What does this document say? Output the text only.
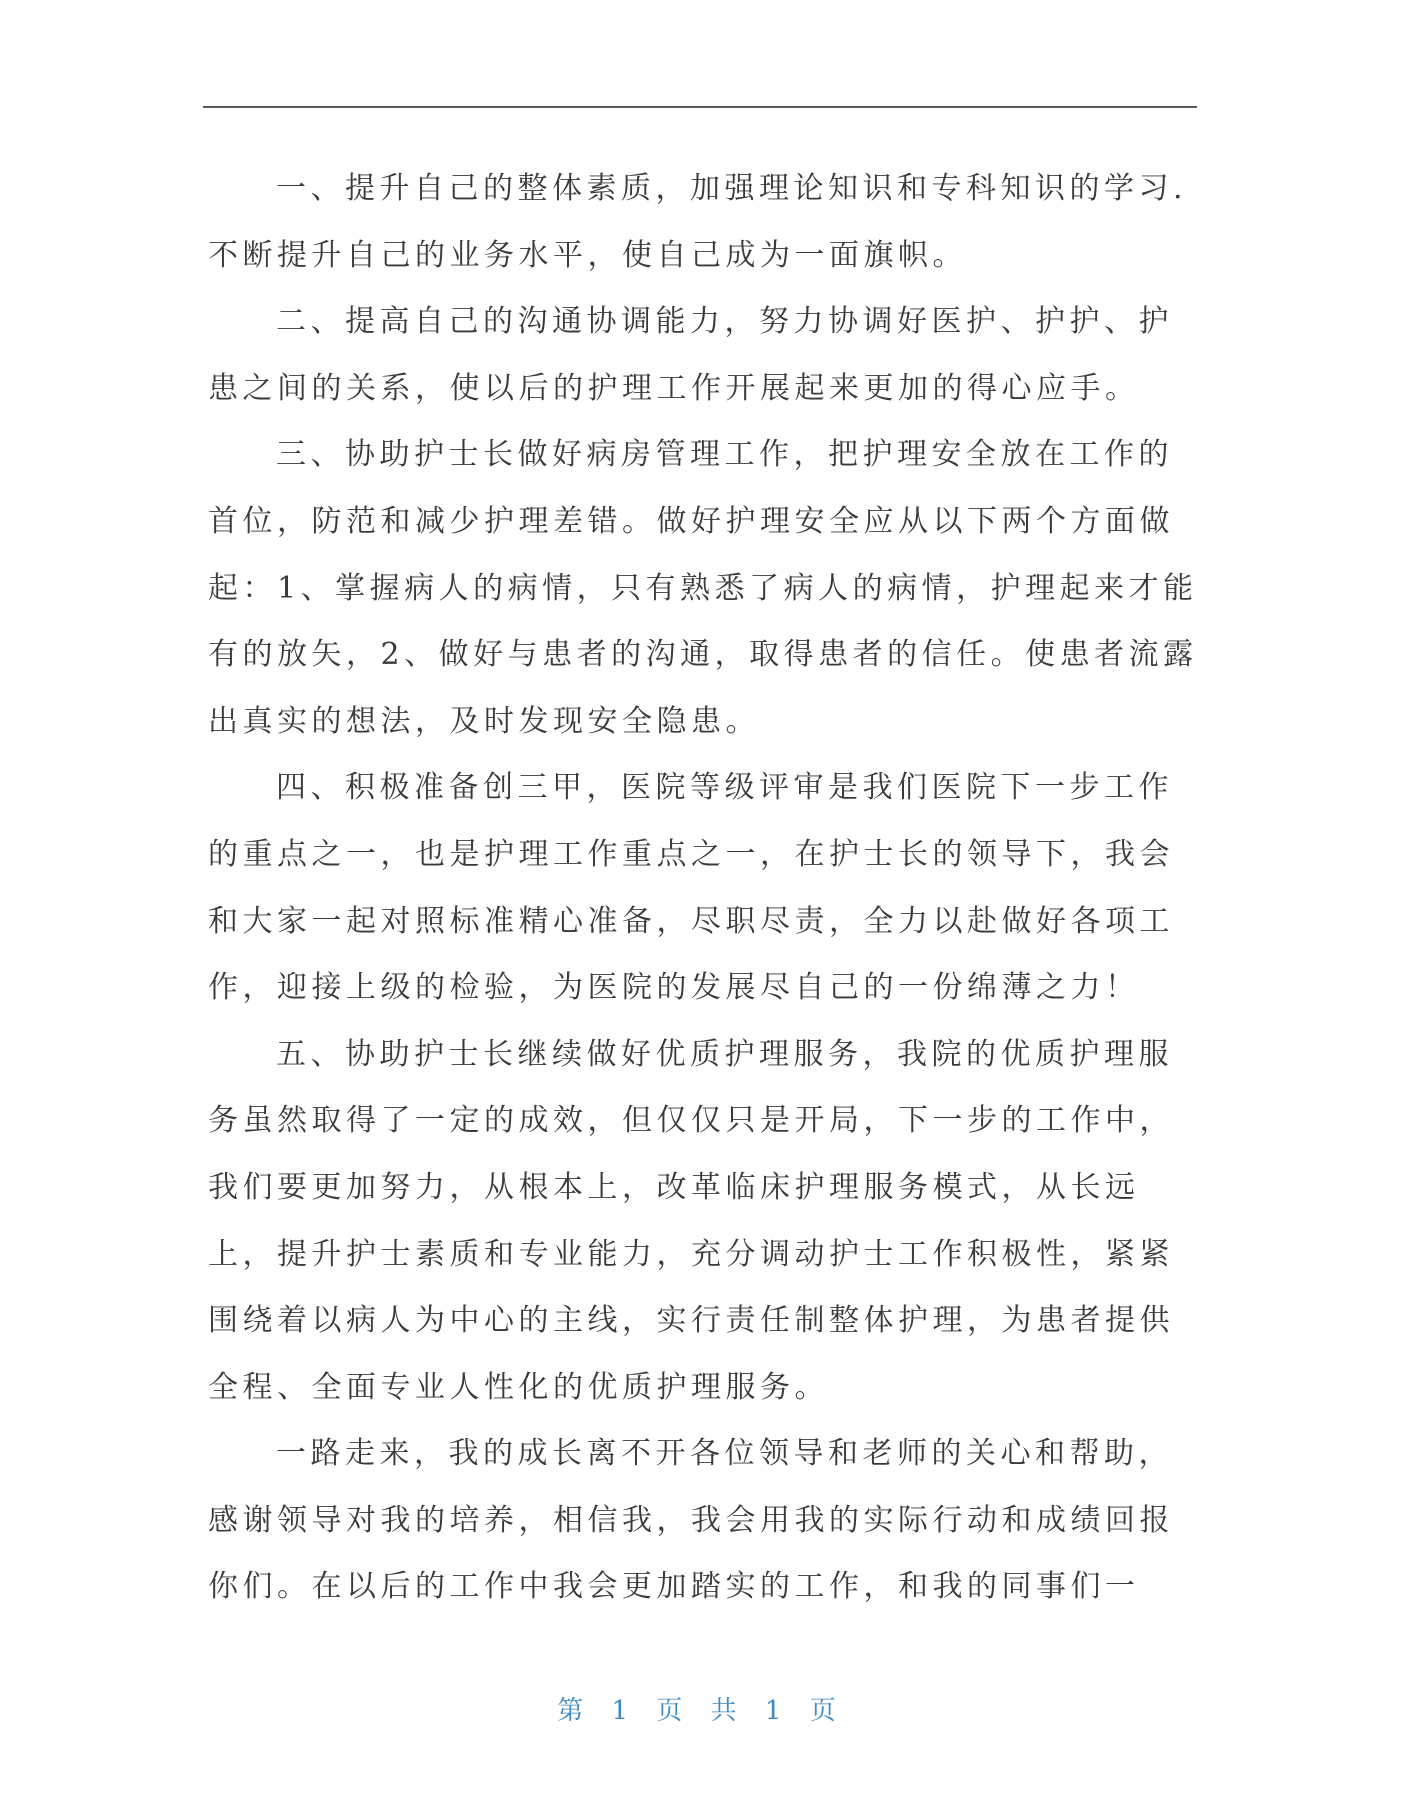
一、提升自己的整体素质，加强理论知识和专科知识的学习.

不断提升自己的业务水平，使自己成为一面旗帜。

二、提高自己的沟通协调能力，努力协调好医护、护护、护

患之间的关系，使以后的护理工作开展起来更加的得心应手。

三、协助护士长做好病房管理工作，把护理安全放在工作的

首位，防范和减少护理差错。做好护理安全应从以下两个方面做

起：1、掌握病人的病情，只有熟悉了病人的病情，护理起来才能

有的放矢，2、做好与患者的沟通，取得患者的信任。使患者流露

出真实的想法，及时发现安全隐患。

四、积极准备创三甲，医院等级评审是我们医院下一步工作

的重点之一，也是护理工作重点之一，在护士长的领导下，我会

和大家一起对照标准精心准备，尽职尽责，全力以赴做好各项工

作，迎接上级的检验，为医院的发展尽自己的一份绵薄之力！

五、协助护士长继续做好优质护理服务，我院的优质护理服

务虽然取得了一定的成效，但仅仅只是开局，下一步的工作中，

我们要更加努力，从根本上，改革临床护理服务模式，从长远

上，提升护士素质和专业能力，充分调动护士工作积极性，紧紧

围绕着以病人为中心的主线，实行责任制整体护理，为患者提供

全程、全面专业人性化的优质护理服务。

一路走来，我的成长离不开各位领导和老师的关心和帮助，

感谢领导对我的培养，相信我，我会用我的实际行动和成绩回报

你们。在以后的工作中我会更加踏实的工作，和我的同事们一

第 1 页 共 1 页
